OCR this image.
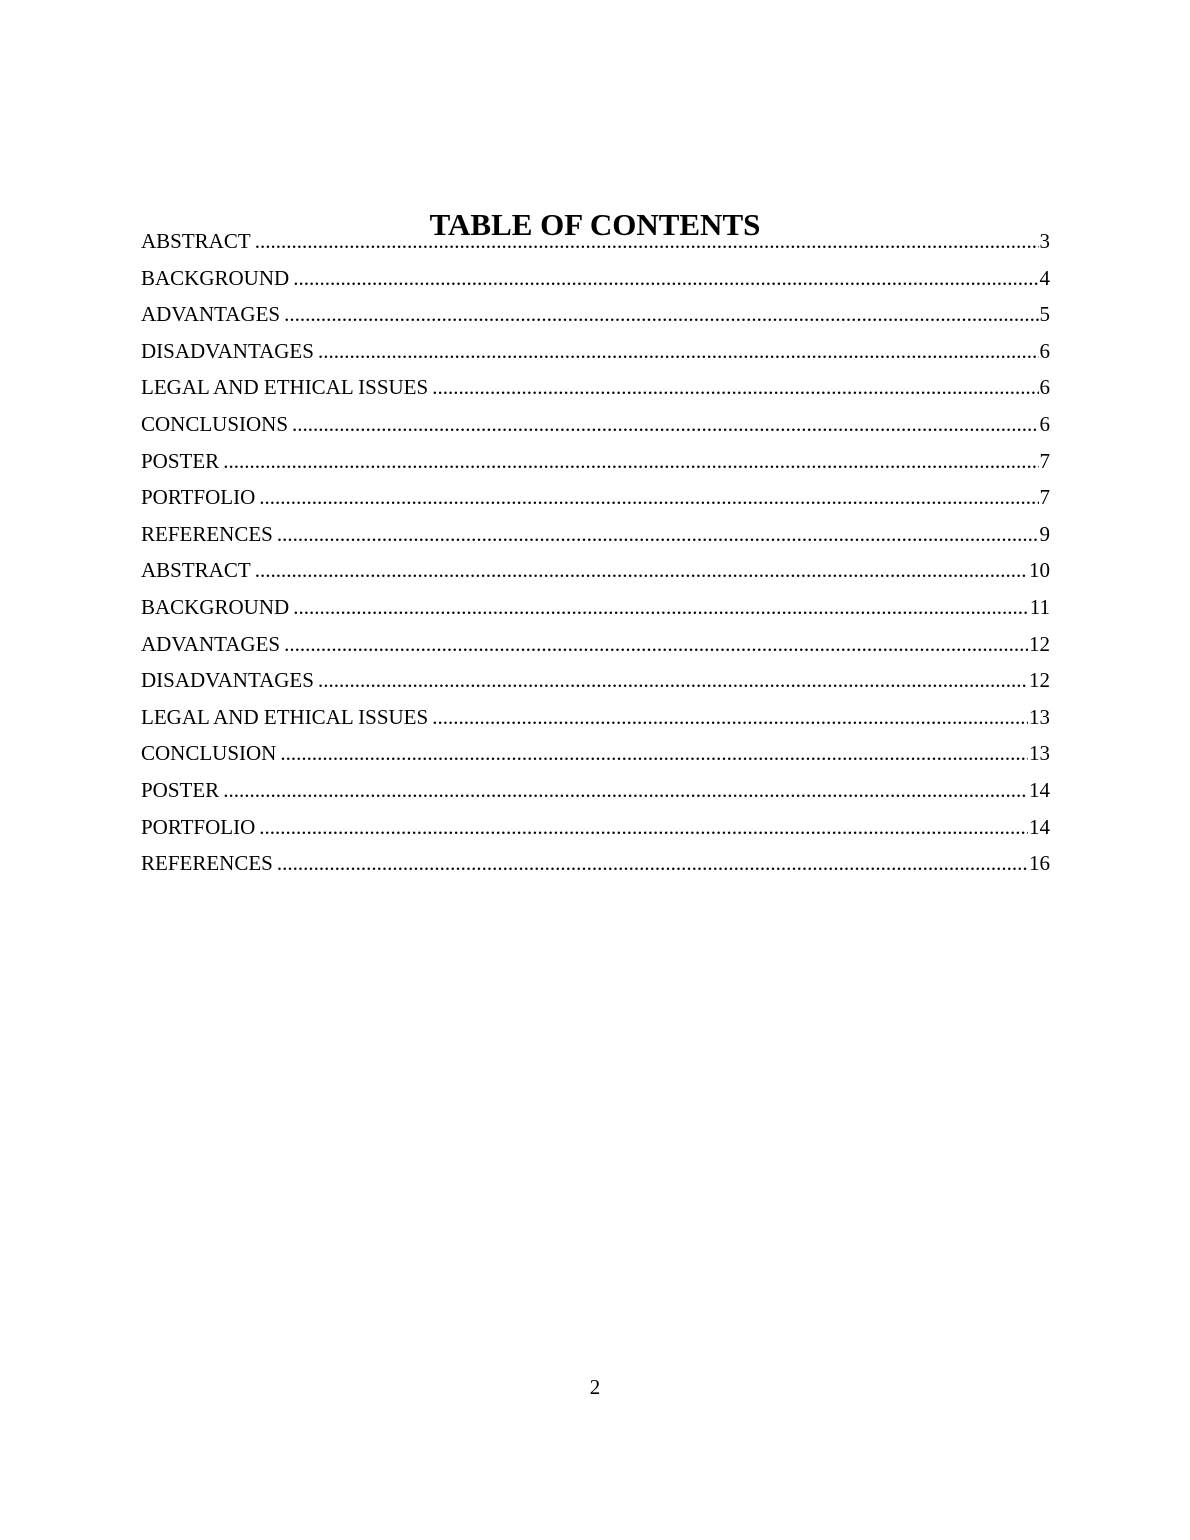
TABLE OF CONTENTS
ABSTRACT .....	3
BACKGROUND .....	4
ADVANTAGES .....	5
DISADVANTAGES .....	6
LEGAL AND ETHICAL ISSUES .....	6
CONCLUSIONS .....	6
POSTER .....	7
PORTFOLIO .....	7
REFERENCES .....	9
ABSTRACT .....	10
BACKGROUND .....	11
ADVANTAGES .....	12
DISADVANTAGES .....	12
LEGAL AND ETHICAL ISSUES .....	13
CONCLUSION .....	13
POSTER .....	14
PORTFOLIO .....	14
REFERENCES .....	16
2
